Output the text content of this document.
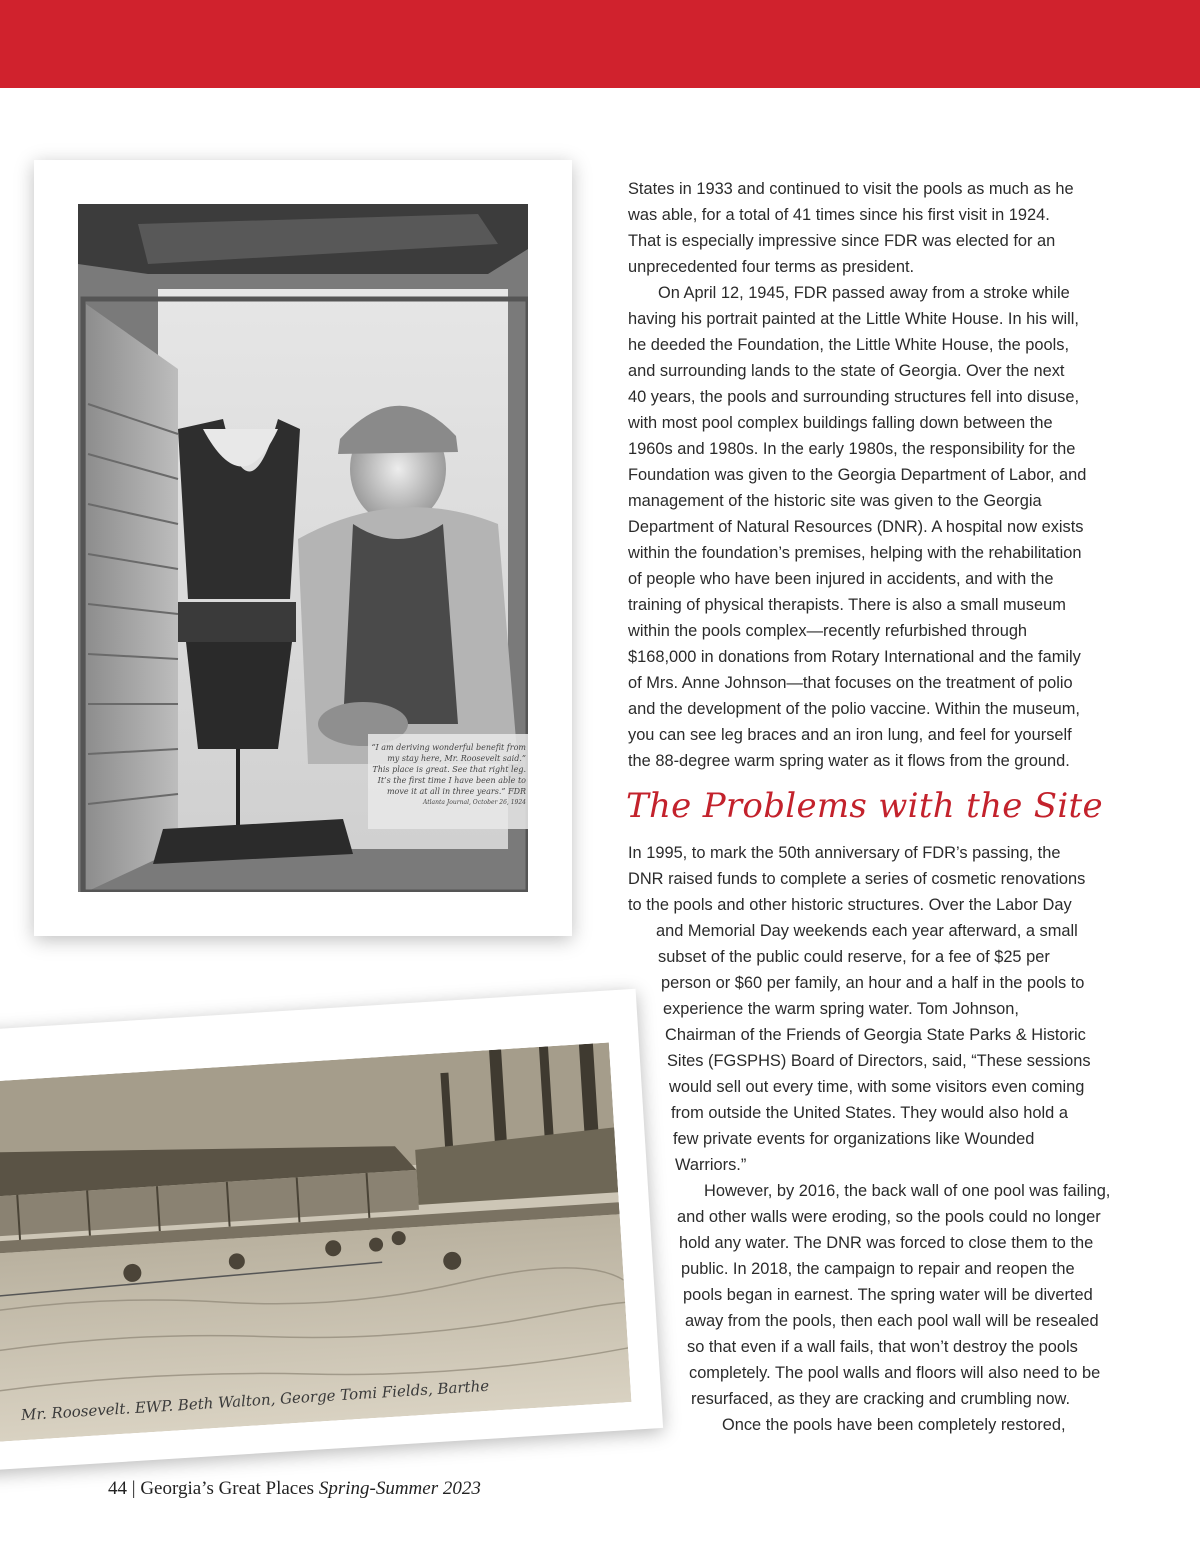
“I am deriving wonderful benefit from
my stay here, Mr. Roosevelt said.”
This place is great. See that right leg.
It’s the first time I have been able to
move it at all in three years.” FDR
Atlanta Journal, October 26, 1924
Mr. Roosevelt. EWP. Beth Walton, George Tomi Fields, Barthe

States in 1933 and continued to visit the pools as much as he

was able, for a total of 41 times since his first visit in 1924.

That is especially impressive since FDR was elected for an

unprecedented four terms as president.

On April 12, 1945, FDR passed away from a stroke while

having his portrait painted at the Little White House. In his will,

he deeded the Foundation, the Little White House, the pools,

and surrounding lands to the state of Georgia. Over the next

40 years, the pools and surrounding structures fell into disuse,

with most pool complex buildings falling down between the

1960s and 1980s. In the early 1980s, the responsibility for the

Foundation was given to the Georgia Department of Labor, and

management of the historic site was given to the Georgia

Department of Natural Resources (DNR). A hospital now exists

within the foundation’s premises, helping with the rehabilitation

of people who have been injured in accidents, and with the

training of physical therapists. There is also a small museum

within the pools complex—recently refurbished through

$168,000 in donations from Rotary International and the family

of Mrs. Anne Johnson—that focuses on the treatment of polio

and the development of the polio vaccine. Within the museum,

you can see leg braces and an iron lung, and feel for yourself

the 88-degree warm spring water as it flows from the ground.

The Problems with the Site

In 1995, to mark the 50th anniversary of FDR’s passing, the

DNR raised funds to complete a series of cosmetic renovations

to the pools and other historic structures. Over the Labor Day

and Memorial Day weekends each year afterward, a small

subset of the public could reserve, for a fee of $25 per

person or $60 per family, an hour and a half in the pools to

experience the warm spring water. Tom Johnson,

Chairman of the Friends of Georgia State Parks & Historic

Sites (FGSPHS) Board of Directors, said, “These sessions

would sell out every time, with some visitors even coming

from outside the United States. They would also hold a

few private events for organizations like Wounded

Warriors.”

However, by 2016, the back wall of one pool was failing,

and other walls were eroding, so the pools could no longer

hold any water. The DNR was forced to close them to the

public. In 2018, the campaign to repair and reopen the

pools began in earnest. The spring water will be diverted

away from the pools, then each pool wall will be resealed

so that even if a wall fails, that won’t destroy the pools

completely. The pool walls and floors will also need to be

resurfaced, as they are cracking and crumbling now.

Once the pools have been completely restored,

44 | Georgia’s Great Places Spring-Summer 2023
